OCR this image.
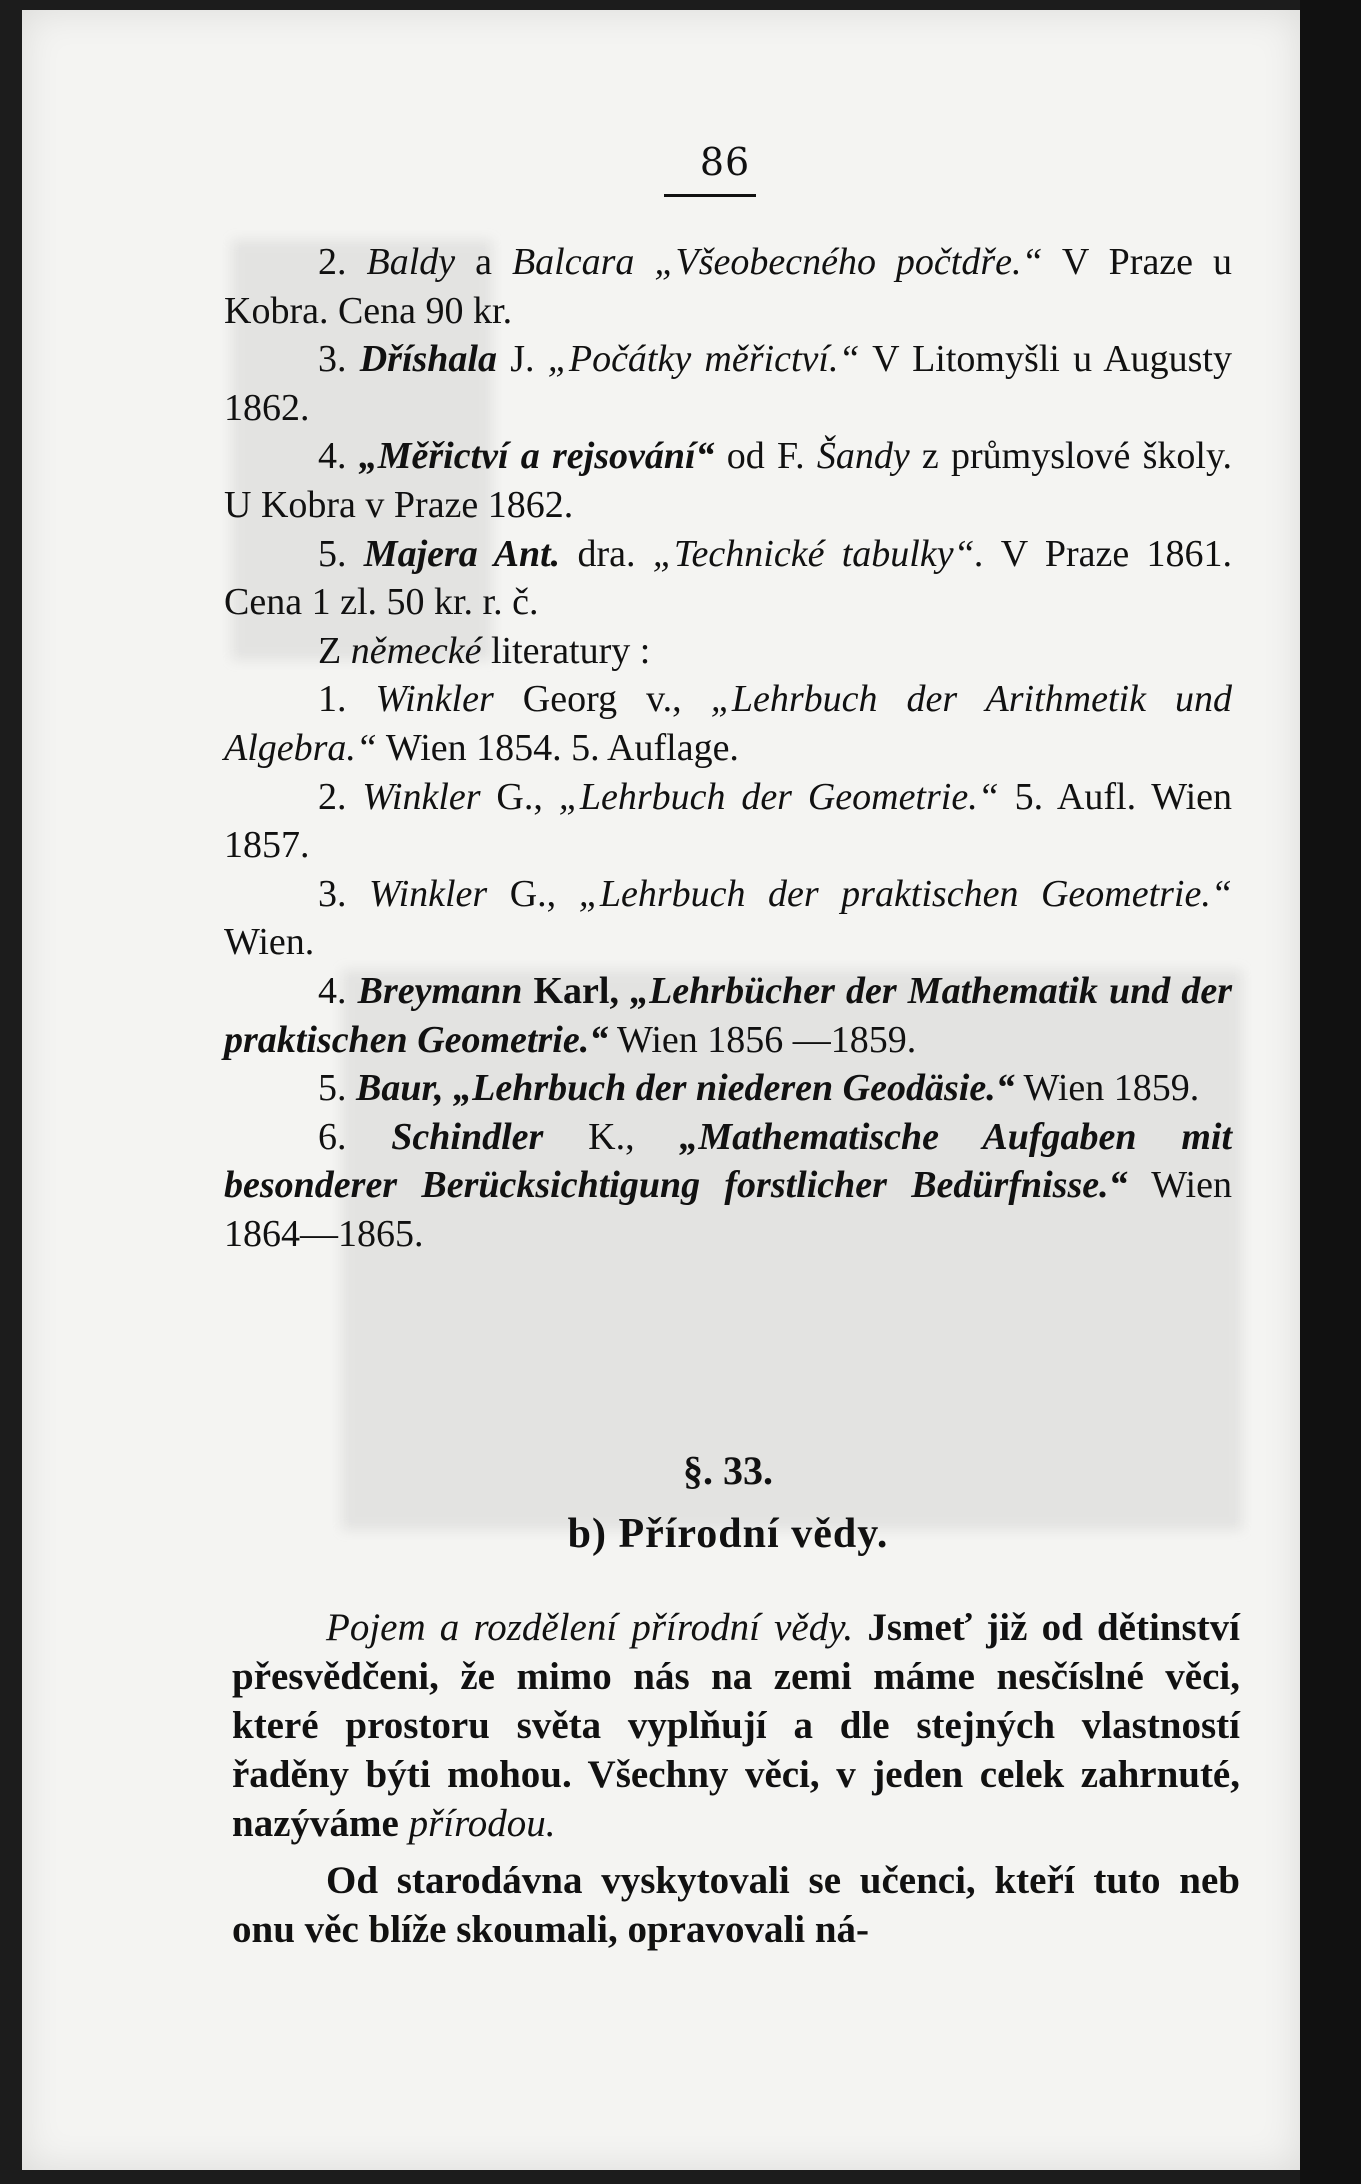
86

2. Baldy a Balcara „Všeobecného počtdře.“ V Praze u Kobra. Cena 90 kr.

3. Dříshala J. „Počátky měřictví.“ V Litomyšli u Augusty 1862.

4. „Měřictví a rejsování“ od F. Šandy z průmyslové školy. U Kobra v Praze 1862.

5. Majera Ant. dra. „Technické tabulky“. V Praze 1861. Cena 1 zl. 50 kr. r. č.

Z německé literatury :

1. Winkler Georg v., „Lehrbuch der Arithmetik und Algebra.“ Wien 1854. 5. Auflage.

2. Winkler G., „Lehrbuch der Geometrie.“ 5. Aufl. Wien 1857.

3. Winkler G., „Lehrbuch der praktischen Geometrie.“ Wien.

4. Breymann Karl, „Lehrbücher der Mathematik und der praktischen Geometrie.“ Wien 1856 —1859.

5. Baur, „Lehrbuch der niederen Geodäsie.“ Wien 1859.

6. Schindler K., „Mathematische Aufgaben mit besonderer Berücksichtigung forstlicher Bedürfnisse.“ Wien 1864—1865.

§. 33.
b) Přírodní vědy.

Pojem a rozdělení přírodní vědy. Jsmeť již od dětinství přesvědčeni, že mimo nás na zemi máme nesčíslné věci, které prostoru světa vyplňují a dle stejných vlastností řaděny býti mohou. Všechny věci, v jeden celek zahrnuté, nazýváme přírodou.

Od starodávna vyskytovali se učenci, kteří tuto neb onu věc blíže skoumali, opravovali ná-
